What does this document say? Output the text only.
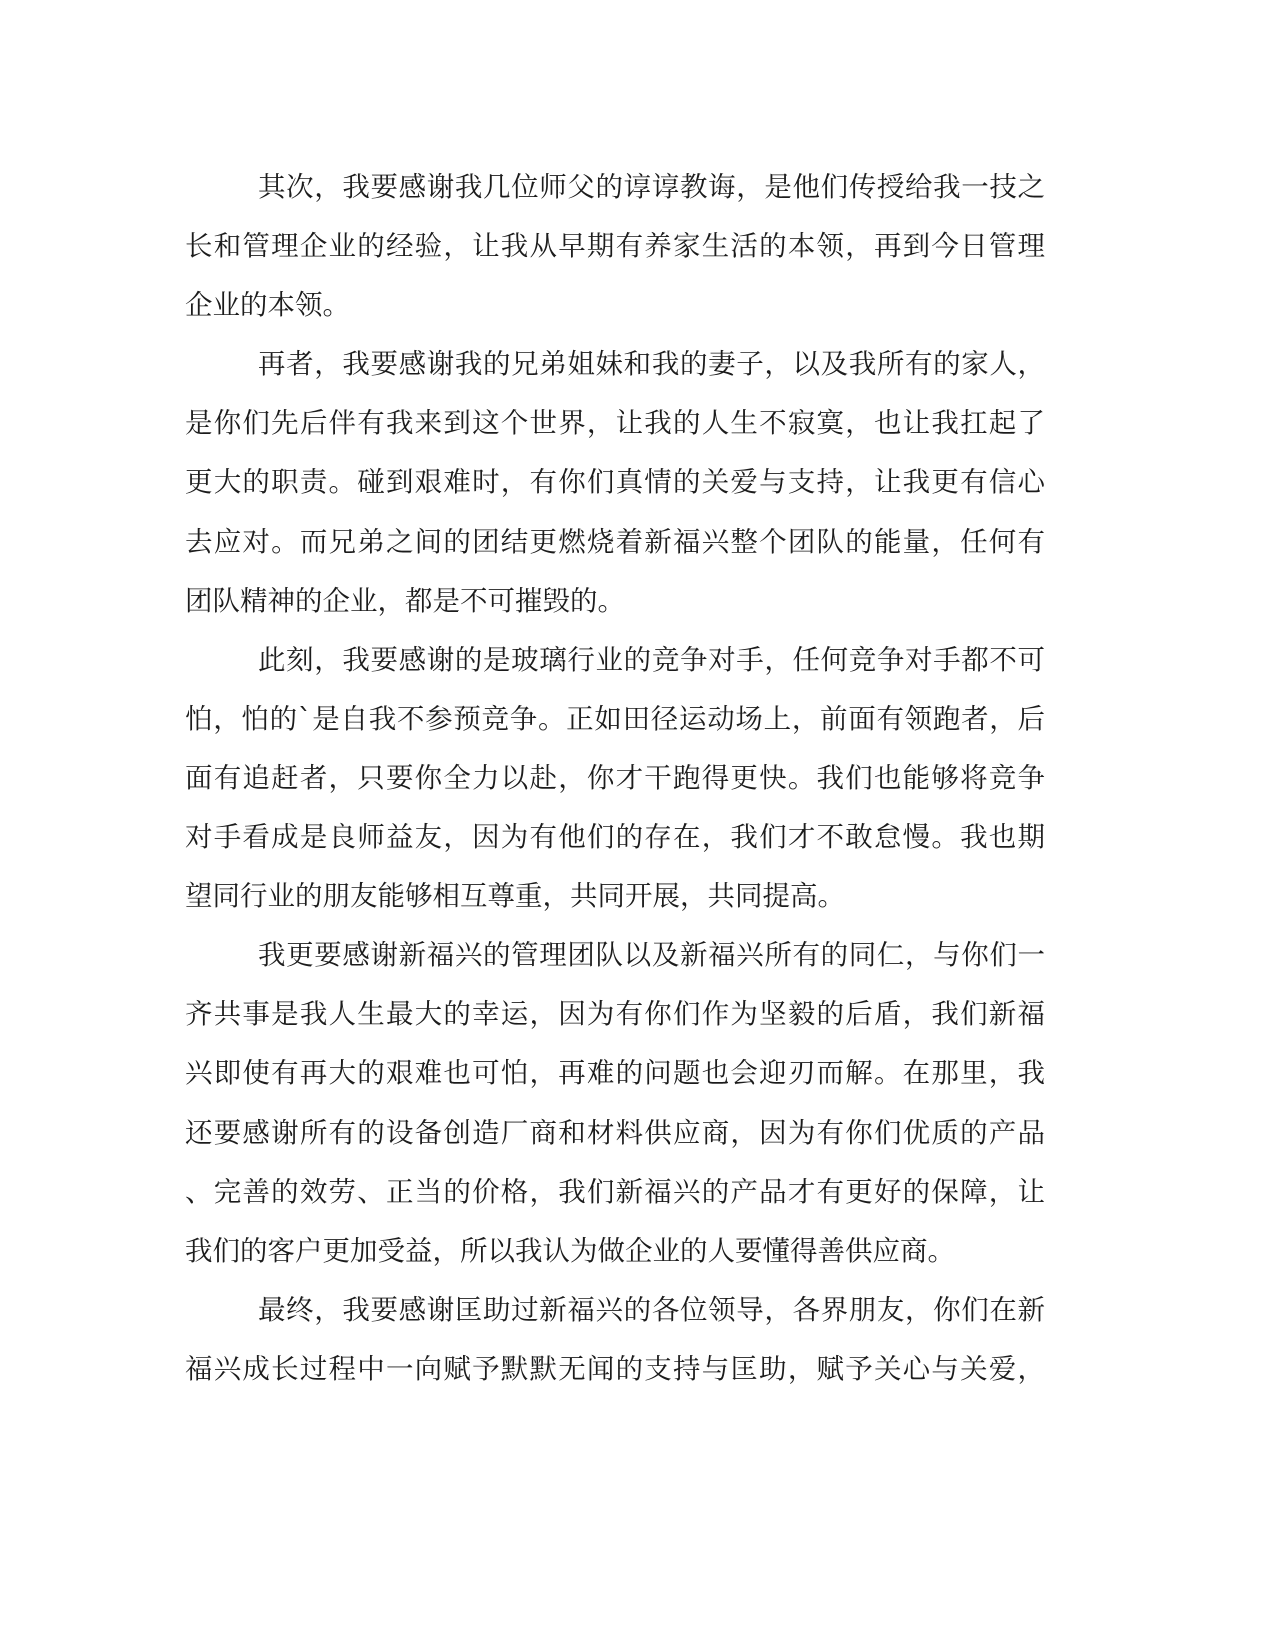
其次，我要感谢我几位师父的谆谆教诲，是他们传授给我一技之
长和管理企业的经验，让我从早期有养家生活的本领，再到今日管理
企业的本领。
再者，我要感谢我的兄弟姐妹和我的妻子，以及我所有的家人，
是你们先后伴有我来到这个世界，让我的人生不寂寞，也让我扛起了
更大的职责。碰到艰难时，有你们真情的关爱与支持，让我更有信心
去应对。而兄弟之间的团结更燃烧着新福兴整个团队的能量，任何有
团队精神的企业，都是不可摧毁的。
此刻，我要感谢的是玻璃行业的竞争对手，任何竞争对手都不可
怕，怕的`是自我不参预竞争。正如田径运动场上，前面有领跑者，后
面有追赶者，只要你全力以赴，你才干跑得更快。我们也能够将竞争
对手看成是良师益友，因为有他们的存在，我们才不敢怠慢。我也期
望同行业的朋友能够相互尊重，共同开展，共同提高。
我更要感谢新福兴的管理团队以及新福兴所有的同仁，与你们一
齐共事是我人生最大的幸运，因为有你们作为坚毅的后盾，我们新福
兴即使有再大的艰难也可怕，再难的问题也会迎刃而解。在那里，我
还要感谢所有的设备创造厂商和材料供应商，因为有你们优质的产品
、完善的效劳、正当的价格，我们新福兴的产品才有更好的保障，让
我们的客户更加受益，所以我认为做企业的人要懂得善供应商。
最终，我要感谢匡助过新福兴的各位领导，各界朋友，你们在新
福兴成长过程中一向赋予默默无闻的支持与匡助，赋予关心与关爱，
